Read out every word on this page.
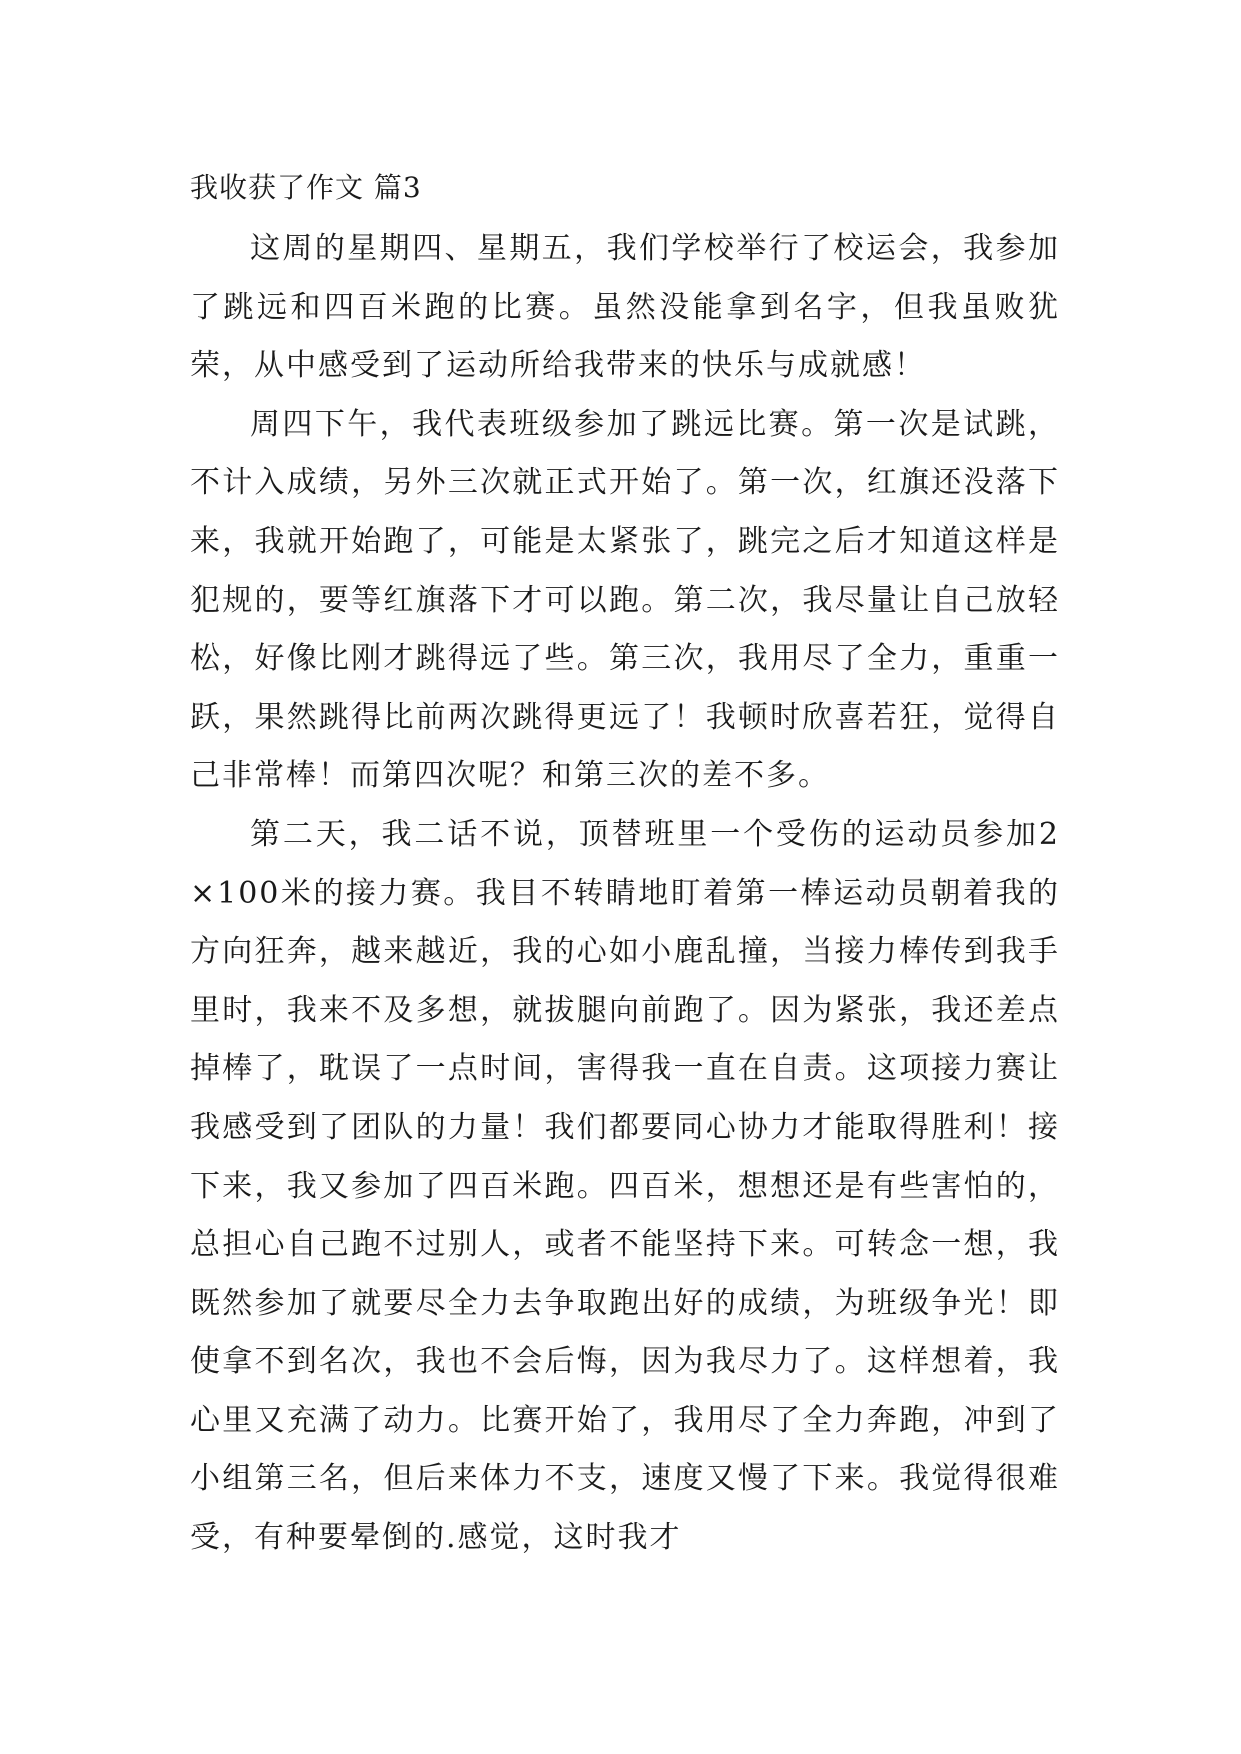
我收获了作文 篇3

这周的星期四、星期五，我们学校举行了校运会，我参加了跳远和四百米跑的比赛。虽然没能拿到名字，但我虽败犹荣，从中感受到了运动所给我带来的快乐与成就感！

周四下午，我代表班级参加了跳远比赛。第一次是试跳，不计入成绩，另外三次就正式开始了。第一次，红旗还没落下来，我就开始跑了，可能是太紧张了，跳完之后才知道这样是犯规的，要等红旗落下才可以跑。第二次，我尽量让自己放轻松，好像比刚才跳得远了些。第三次，我用尽了全力，重重一跃，果然跳得比前两次跳得更远了！我顿时欣喜若狂，觉得自己非常棒！而第四次呢？和第三次的差不多。

第二天，我二话不说，顶替班里一个受伤的运动员参加2×100米的接力赛。我目不转睛地盯着第一棒运动员朝着我的方向狂奔，越来越近，我的心如小鹿乱撞，当接力棒传到我手里时，我来不及多想，就拔腿向前跑了。因为紧张，我还差点掉棒了，耽误了一点时间，害得我一直在自责。这项接力赛让我感受到了团队的力量！我们都要同心协力才能取得胜利！接下来，我又参加了四百米跑。四百米，想想还是有些害怕的，总担心自己跑不过别人，或者不能坚持下来。可转念一想，我既然参加了就要尽全力去争取跑出好的成绩，为班级争光！即使拿不到名次，我也不会后悔，因为我尽力了。这样想着，我心里又充满了动力。比赛开始了，我用尽了全力奔跑，冲到了小组第三名，但后来体力不支，速度又慢了下来。我觉得很难受，有种要晕倒的.感觉，这时我才
